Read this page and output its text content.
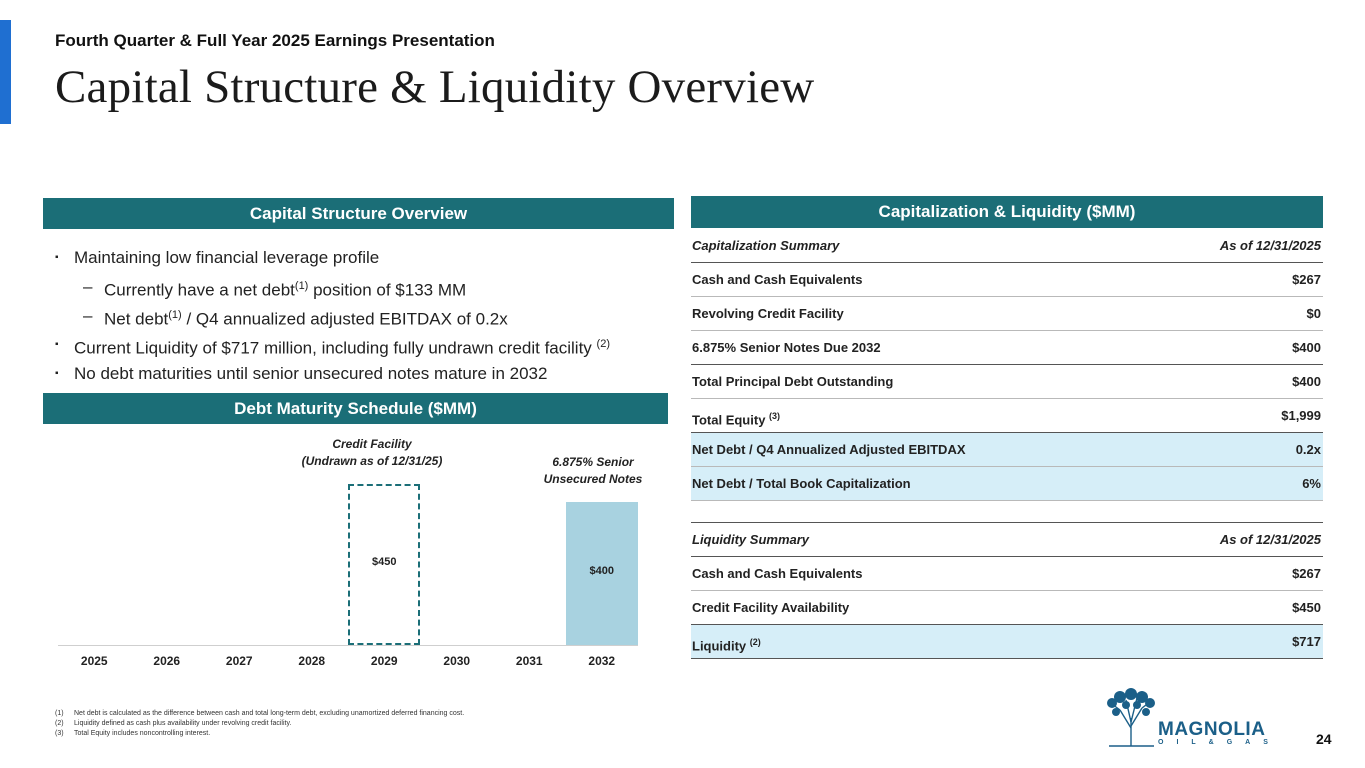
Fourth Quarter & Full Year 2025 Earnings Presentation
Capital Structure & Liquidity Overview
Capital Structure Overview
▪ Maintaining low financial leverage profile
– Currently have a net debt$^{(1)}$ position of $133 MM
– Net debt$^{(1)}$ / Q4 annualized adjusted EBITDAX of 0.2x
▪ Current Liquidity of $717 million, including fully undrawn credit facility $^{(2)}$
▪ No debt maturities until senior unsecured notes mature in 2032
Debt Maturity Schedule ($MM)
Credit Facility
(Undrawn as of 12/31/25)	6.875% Senior
Unsecured Notes
$450
$400
2025	2026	2027	2028	2029	2030	2031	2032
Capitalization & Liquidity ($MM)
Capitalization Summary	As of 12/31/2025
Cash and Cash Equivalents	$267
Revolving Credit Facility	$0
6.875% Senior Notes Due 2032	$400
Total Principal Debt Outstanding	$400
Total Equity $^{(3)}$	$1,999
Net Debt / Q4 Annualized Adjusted EBITDAX	0.2x
Net Debt / Total Book Capitalization	6%
Liquidity Summary	As of 12/31/2025
Cash and Cash Equivalents	$267
Credit Facility Availability	$450
Liquidity $^{(2)}$	$717
(1) Net debt is calculated as the difference between cash and total long-term debt, excluding unamortized deferred financing cost.
(2) Liquidity defined as cash plus availability under revolving credit facility.
(3) Total Equity includes noncontrolling interest.	MAGNOLIA
OIL&GAS	24
